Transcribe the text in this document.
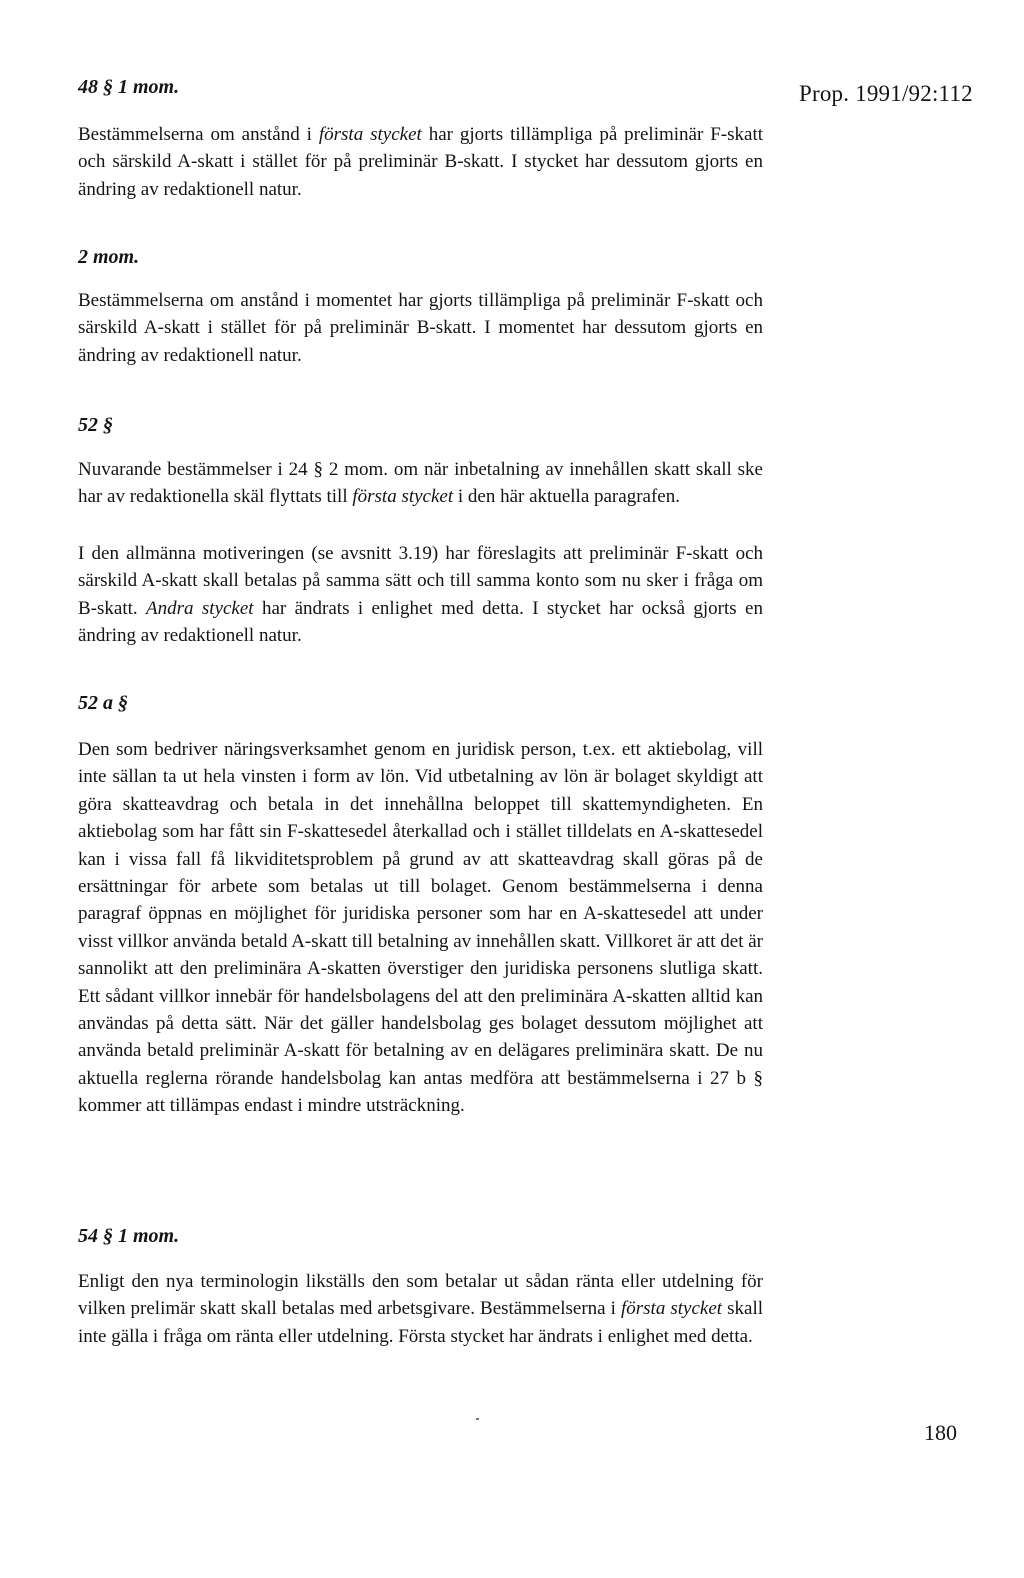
Prop. 1991/92:112
48 § 1 mom.

Bestämmelserna om anstånd i första stycket har gjorts tillämpliga på preliminär F-skatt och särskild A-skatt i stället för på preliminär B-skatt. I stycket har dessutom gjorts en ändring av redaktionell natur.

2 mom.

Bestämmelserna om anstånd i momentet har gjorts tillämpliga på preliminär F-skatt och särskild A-skatt i stället för på preliminär B-skatt. I momentet har dessutom gjorts en ändring av redaktionell natur.

52 §

Nuvarande bestämmelser i 24 § 2 mom. om när inbetalning av innehållen skatt skall ske har av redaktionella skäl flyttats till första stycket i den här aktuella paragrafen.

I den allmänna motiveringen (se avsnitt 3.19) har föreslagits att preliminär F-skatt och särskild A-skatt skall betalas på samma sätt och till samma konto som nu sker i fråga om B-skatt. Andra stycket har ändrats i enlighet med detta. I stycket har också gjorts en ändring av redaktionell natur.

52 a §

Den som bedriver näringsverksamhet genom en juridisk person, t.ex. ett aktiebolag, vill inte sällan ta ut hela vinsten i form av lön. Vid utbetalning av lön är bolaget skyldigt att göra skatteavdrag och betala in det innehållna beloppet till skattemyndigheten. En aktiebolag som har fått sin F-skattesedel återkallad och i stället tilldelats en A-skattesedel kan i vissa fall få likviditetsproblem på grund av att skatteavdrag skall göras på de ersättningar för arbete som betalas ut till bolaget. Genom bestämmelserna i denna paragraf öppnas en möjlighet för juridiska personer som har en A-skattesedel att under visst villkor använda betald A-skatt till betalning av innehållen skatt. Villkoret är att det är sannolikt att den preliminära A-skatten överstiger den juridiska personens slutliga skatt. Ett sådant villkor innebär för handelsbolagens del att den preliminära A-skatten alltid kan användas på detta sätt. När det gäller handelsbolag ges bolaget dessutom möjlighet att använda betald preliminär A-skatt för betalning av en delägares preliminära skatt. De nu aktuella reglerna rörande handelsbolag kan antas medföra att bestämmelserna i 27 b § kommer att tillämpas endast i mindre utsträckning.

54 § 1 mom.

Enligt den nya terminologin likställs den som betalar ut sådan ränta eller utdelning för vilken prelimär skatt skall betalas med arbetsgivare. Bestämmelserna i första stycket skall inte gälla i fråga om ränta eller utdelning. Första stycket har ändrats i enlighet med detta.

180
